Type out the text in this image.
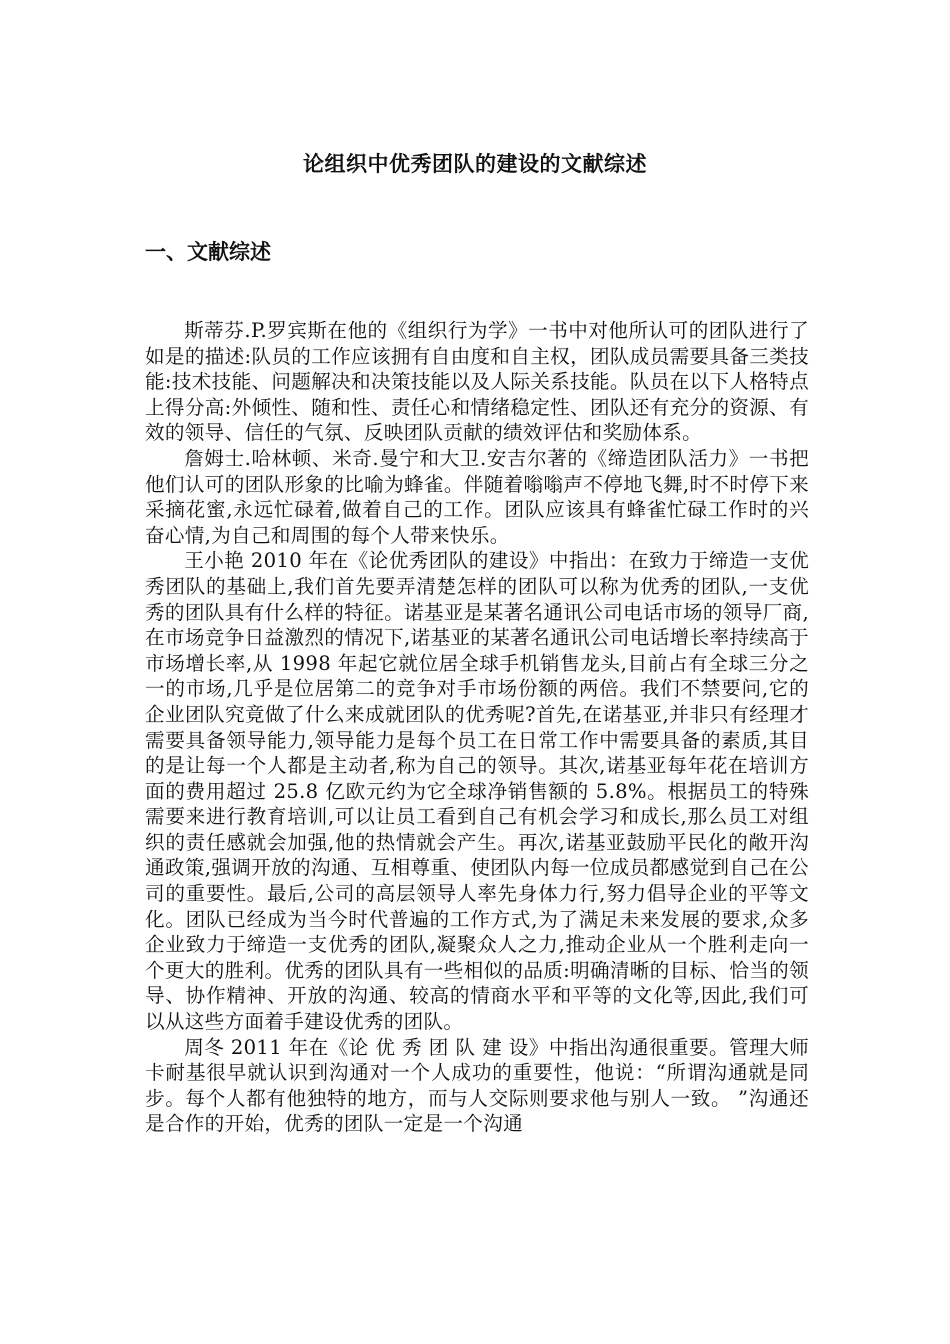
论组织中优秀团队的建设的文献综述
一、文献综述

斯蒂芬.P.罗宾斯在他的《组织行为学》一书中对他所认可的团队进行了如是的描述:队员的工作应该拥有自由度和自主权，团队成员需要具备三类技能:技术技能、问题解决和决策技能以及人际关系技能。队员在以下人格特点上得分高:外倾性、随和性、责任心和情绪稳定性、团队还有充分的资源、有效的领导、信任的气氛、反映团队贡献的绩效评估和奖励体系。

詹姆士.哈林顿、米奇.曼宁和大卫.安吉尔著的《缔造团队活力》一书把他们认可的团队形象的比喻为蜂雀。伴随着嗡嗡声不停地飞舞,时不时停下来采摘花蜜,永远忙碌着,做着自己的工作。团队应该具有蜂雀忙碌工作时的兴奋心情,为自己和周围的每个人带来快乐。

王小艳 2010 年在《论优秀团队的建设》中指出：在致力于缔造一支优秀团队的基础上,我们首先要弄清楚怎样的团队可以称为优秀的团队,一支优秀的团队具有什么样的特征。诺基亚是某著名通讯公司电话市场的领导厂商,在市场竞争日益激烈的情况下,诺基亚的某著名通讯公司电话增长率持续高于市场增长率,从 1998 年起它就位居全球手机销售龙头,目前占有全球三分之一的市场,几乎是位居第二的竞争对手市场份额的两倍。我们不禁要问,它的企业团队究竟做了什么来成就团队的优秀呢?首先,在诺基亚,并非只有经理才需要具备领导能力,领导能力是每个员工在日常工作中需要具备的素质,其目的是让每一个人都是主动者,称为自己的领导。其次,诺基亚每年花在培训方面的费用超过 25.8 亿欧元约为它全球净销售额的 5.8%。根据员工的特殊需要来进行教育培训,可以让员工看到自己有机会学习和成长,那么员工对组织的责任感就会加强,他的热情就会产生。再次,诺基亚鼓励平民化的敞开沟通政策,强调开放的沟通、互相尊重、使团队内每一位成员都感觉到自己在公司的重要性。最后,公司的高层领导人率先身体力行,努力倡导企业的平等文化。团队已经成为当今时代普遍的工作方式,为了满足未来发展的要求,众多企业致力于缔造一支优秀的团队,凝聚众人之力,推动企业从一个胜利走向一个更大的胜利。优秀的团队具有一些相似的品质:明确清晰的目标、恰当的领导、协作精神、开放的沟通、较高的情商水平和平等的文化等,因此,我们可以从这些方面着手建设优秀的团队。

周冬 2011 年在《论 优 秀 团 队 建 设》中指出沟通很重要。管理大师卡耐基很早就认识到沟通对一个人成功的重要性，他说：“所谓沟通就是同步。每个人都有他独特的地方，而与人交际则要求他与别人一致。 ”沟通还是合作的开始，优秀的团队一定是一个沟通
